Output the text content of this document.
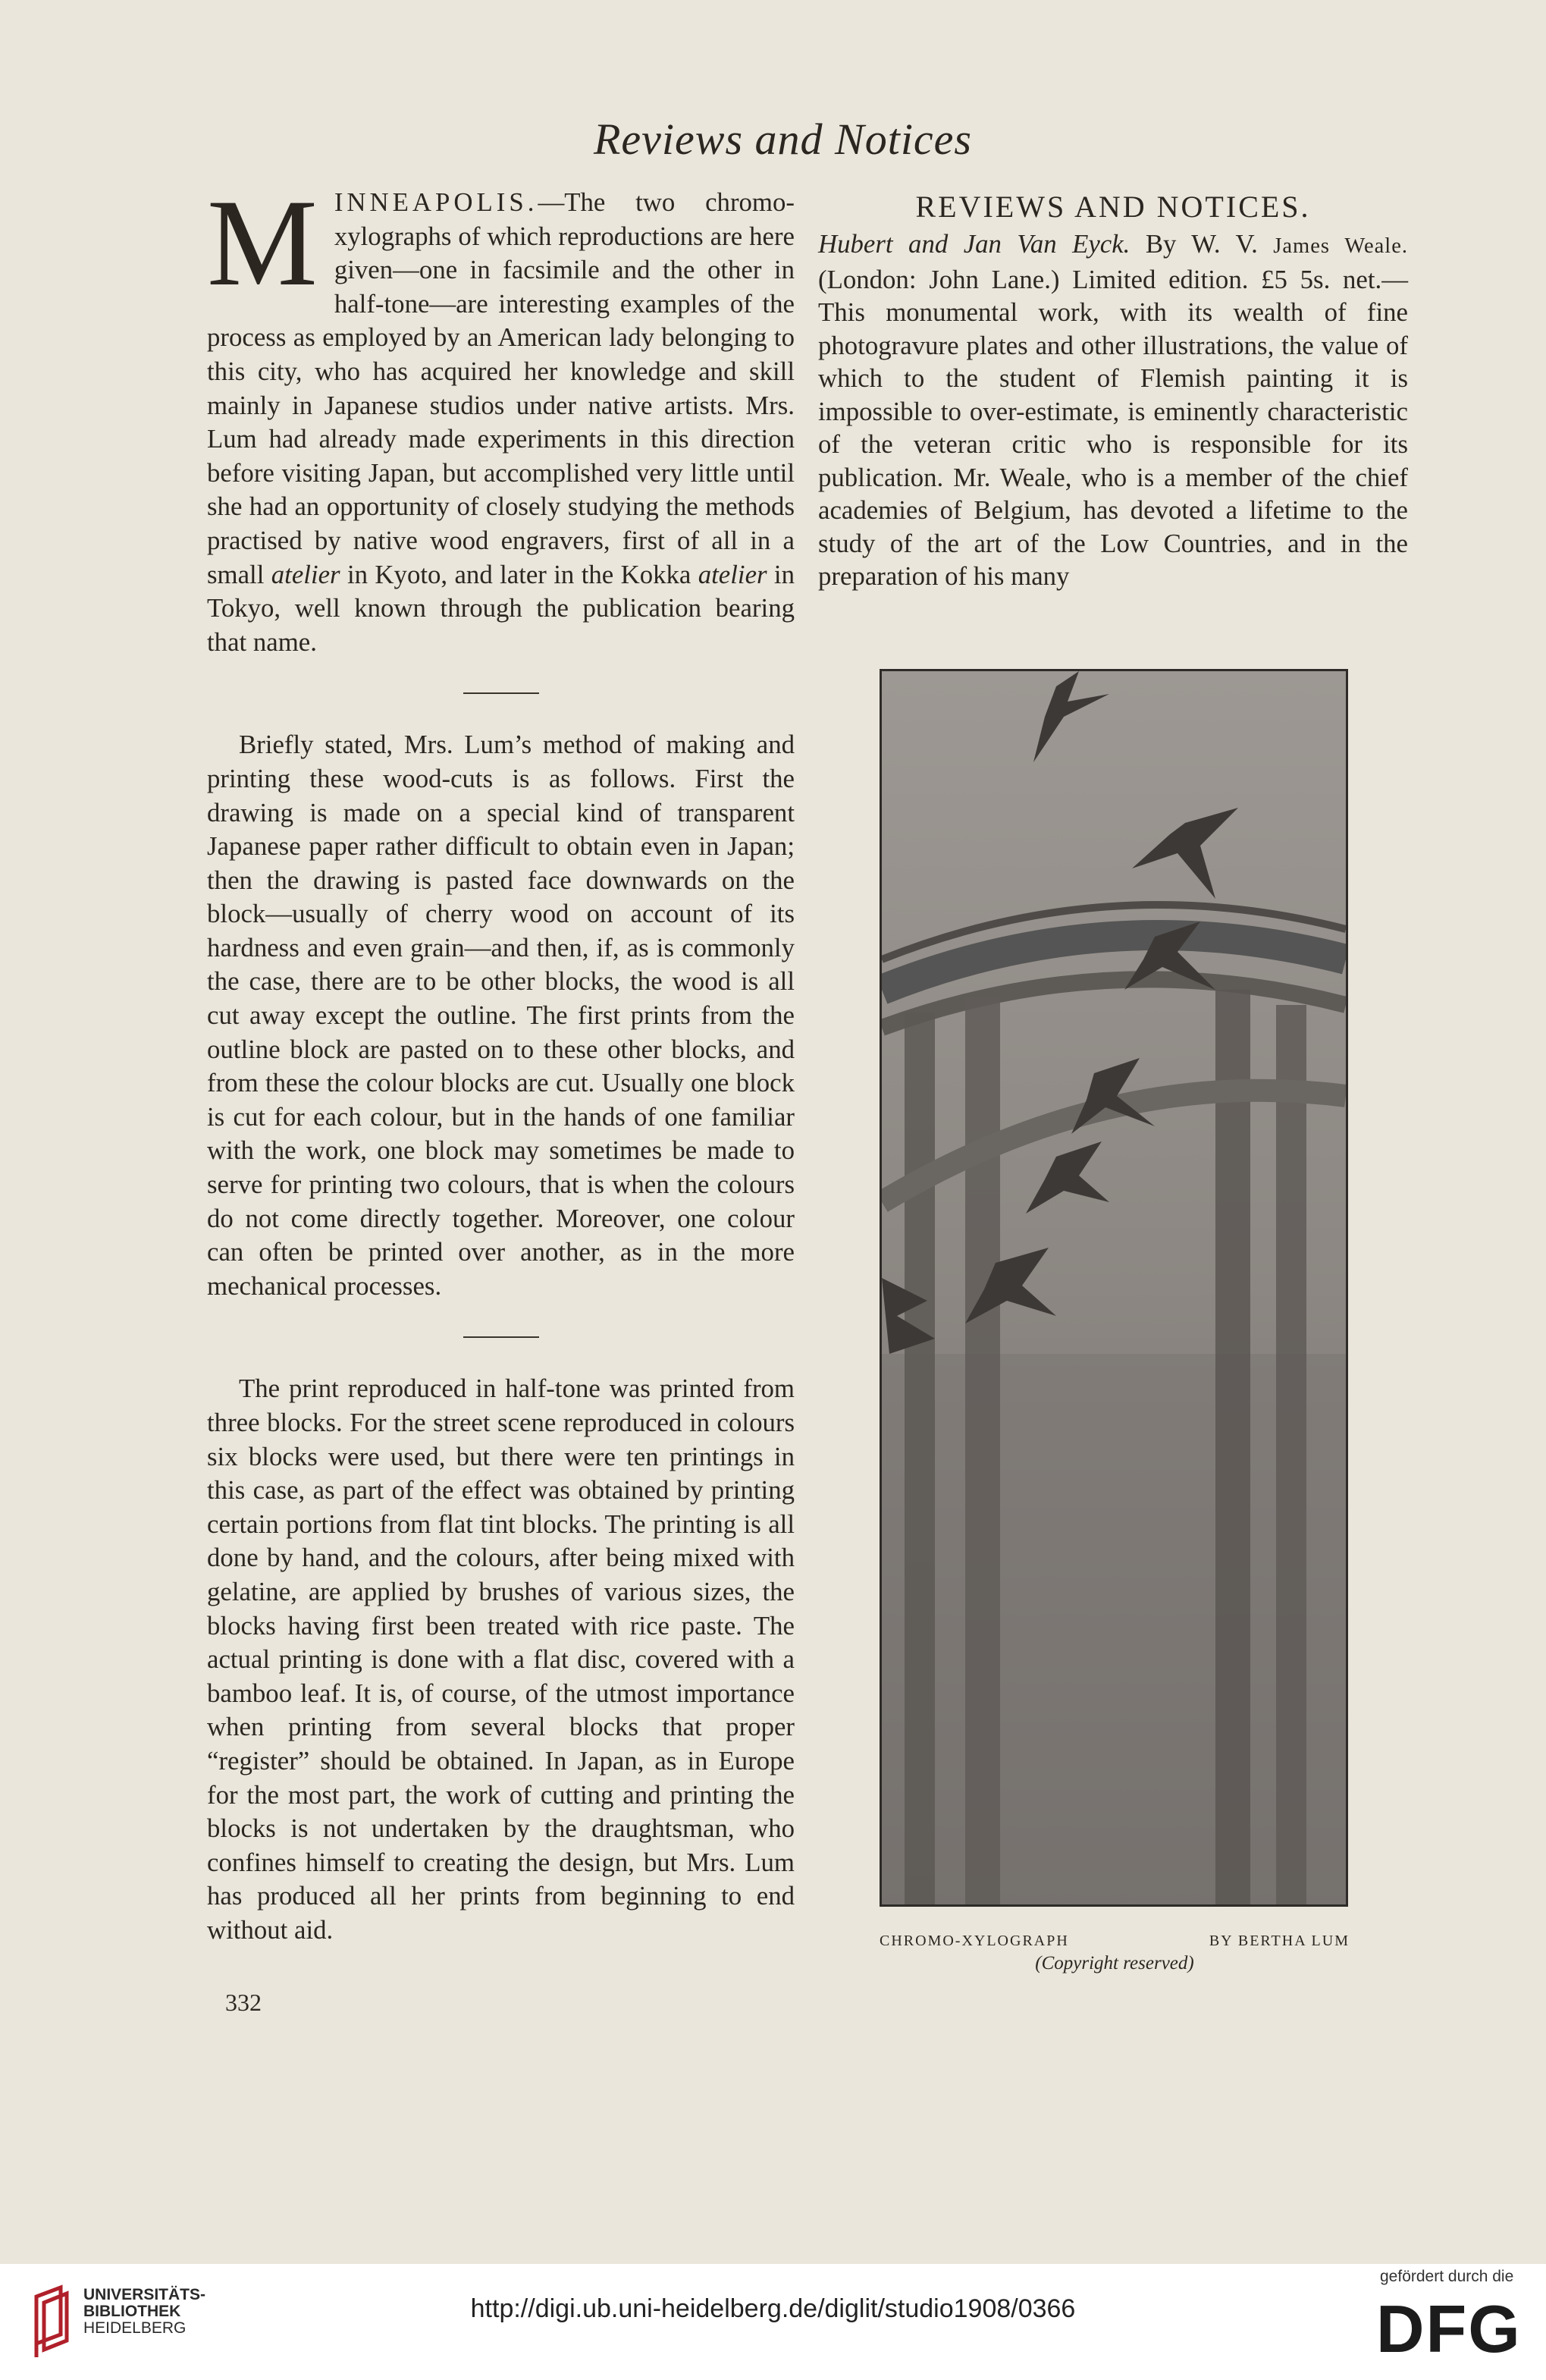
Reviews and Notices

MINNEAPOLIS.—The two chromoxylographs of which reproductions are here given—one in facsimile and the other in half-tone—are interesting examples of the process as employed by an American lady belonging to this city, who has acquired her knowledge and skill mainly in Japanese studios under native artists. Mrs. Lum had already made experiments in this direction before visiting Japan, but accomplished very little until she had an opportunity of closely studying the methods practised by native wood engravers, first of all in a small atelier in Kyoto, and later in the Kokka atelier in Tokyo, well known through the publication bearing that name.

Briefly stated, Mrs. Lum’s method of making and printing these wood-cuts is as follows. First the drawing is made on a special kind of transparent Japanese paper rather difficult to obtain even in Japan; then the drawing is pasted face downwards on the block—usually of cherry wood on account of its hardness and even grain—and then, if, as is commonly the case, there are to be other blocks, the wood is all cut away except the outline. The first prints from the outline block are pasted on to these other blocks, and from these the colour blocks are cut. Usually one block is cut for each colour, but in the hands of one familiar with the work, one block may sometimes be made to serve for printing two colours, that is when the colours do not come directly together. Moreover, one colour can often be printed over another, as in the more mechanical processes.

The print reproduced in half-tone was printed from three blocks. For the street scene reproduced in colours six blocks were used, but there were ten printings in this case, as part of the effect was obtained by printing certain portions from flat tint blocks. The printing is all done by hand, and the colours, after being mixed with gelatine, are applied by brushes of various sizes, the blocks having first been treated with rice paste. The actual printing is done with a flat disc, covered with a bamboo leaf. It is, of course, of the utmost importance when printing from several blocks that proper “register” should be obtained. In Japan, as in Europe for the most part, the work of cutting and printing the blocks is not undertaken by the draughtsman, who confines himself to creating the design, but Mrs. Lum has produced all her prints from beginning to end without aid.

332
REVIEWS AND NOTICES.

Hubert and Jan Van Eyck. By W. V. James Weale. (London: John Lane.) Limited edition. £5 5s. net.—This monumental work, with its wealth of fine photogravure plates and other illustrations, the value of which to the student of Flemish painting it is impossible to over-estimate, is eminently characteristic of the veteran critic who is responsible for its publication. Mr. Weale, who is a member of the chief academies of Belgium, has devoted a lifetime to the study of the art of the Low Countries, and in the preparation of his many

CHROMO-XYLOGRAPH	BY BERTHA LUM
(Copyright reserved)
UNIVERSITÄTS-
BIBLIOTHEK
HEIDELBERG
http://digi.ub.uni-heidelberg.de/diglit/studio1908/0366
gefördert durch die
DFG
